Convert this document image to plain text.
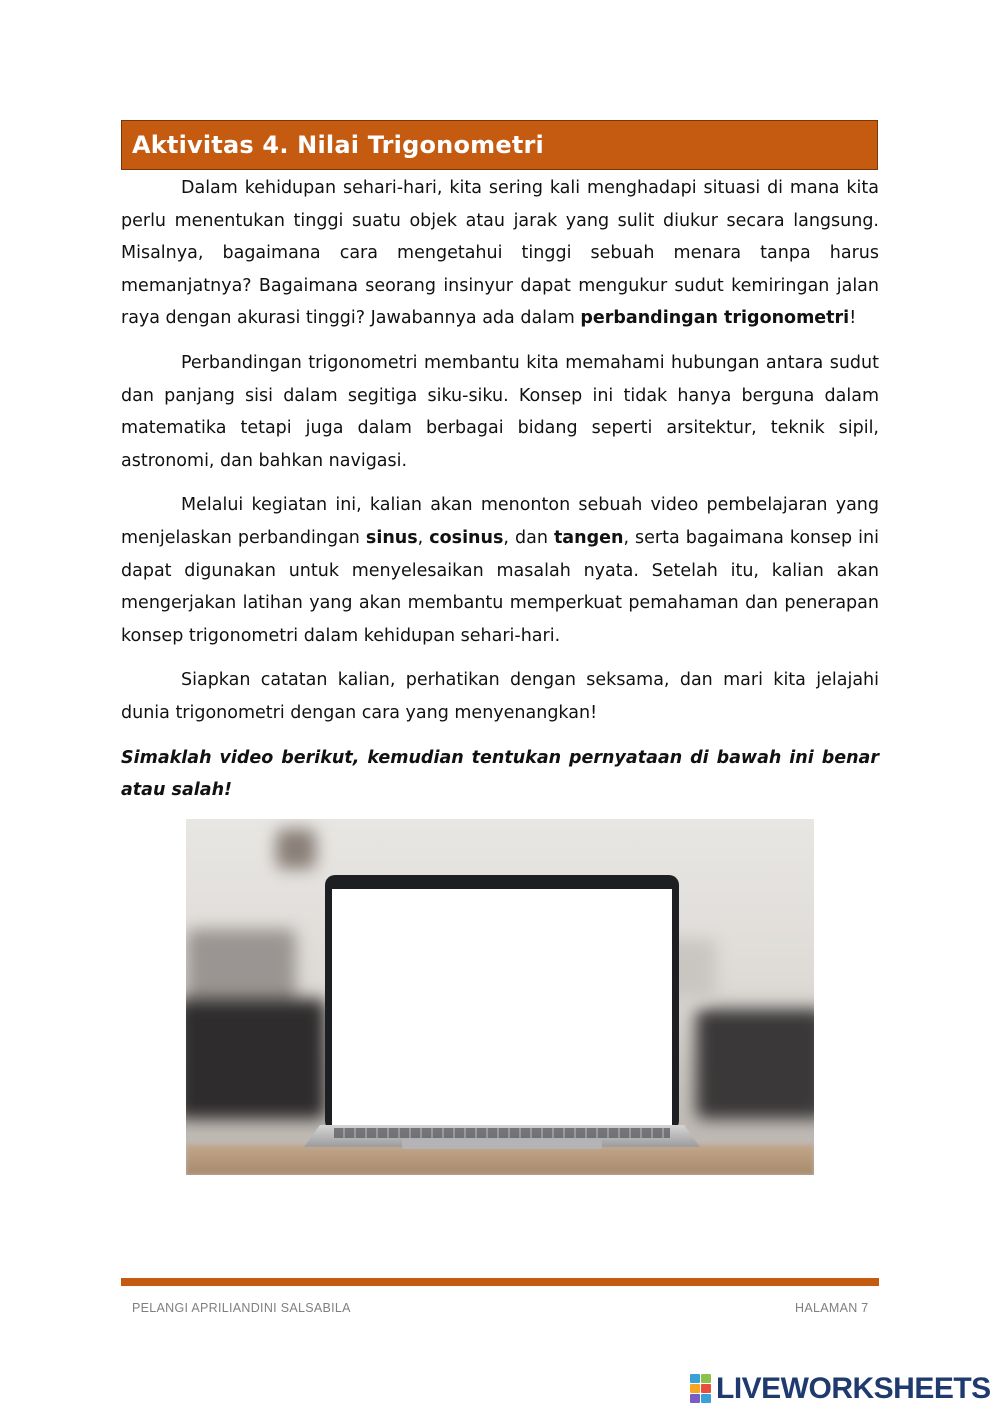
Aktivitas 4. Nilai Trigonometri

Dalam kehidupan sehari-hari, kita sering kali menghadapi situasi di mana kita perlu menentukan tinggi suatu objek atau jarak yang sulit diukur secara langsung. Misalnya, bagaimana cara mengetahui tinggi sebuah menara tanpa harus memanjatnya? Bagaimana seorang insinyur dapat mengukur sudut kemiringan jalan raya dengan akurasi tinggi? Jawabannya ada dalam perbandingan trigonometri!

Perbandingan trigonometri membantu kita memahami hubungan antara sudut dan panjang sisi dalam segitiga siku-siku. Konsep ini tidak hanya berguna dalam matematika tetapi juga dalam berbagai bidang seperti arsitektur, teknik sipil, astronomi, dan bahkan navigasi.

Melalui kegiatan ini, kalian akan menonton sebuah video pembelajaran yang menjelaskan perbandingan sinus, cosinus, dan tangen, serta bagaimana konsep ini dapat digunakan untuk menyelesaikan masalah nyata. Setelah itu, kalian akan mengerjakan latihan yang akan membantu memperkuat pemahaman dan penerapan konsep trigonometri dalam kehidupan sehari-hari.

Siapkan catatan kalian, perhatikan dengan seksama, dan mari kita jelajahi dunia trigonometri dengan cara yang menyenangkan!

Simaklah video berikut, kemudian tentukan pernyataan di bawah ini benar atau salah!

PELANGI APRILIANDINI SALSABILA	HALAMAN 7
LIVEWORKSHEETS
